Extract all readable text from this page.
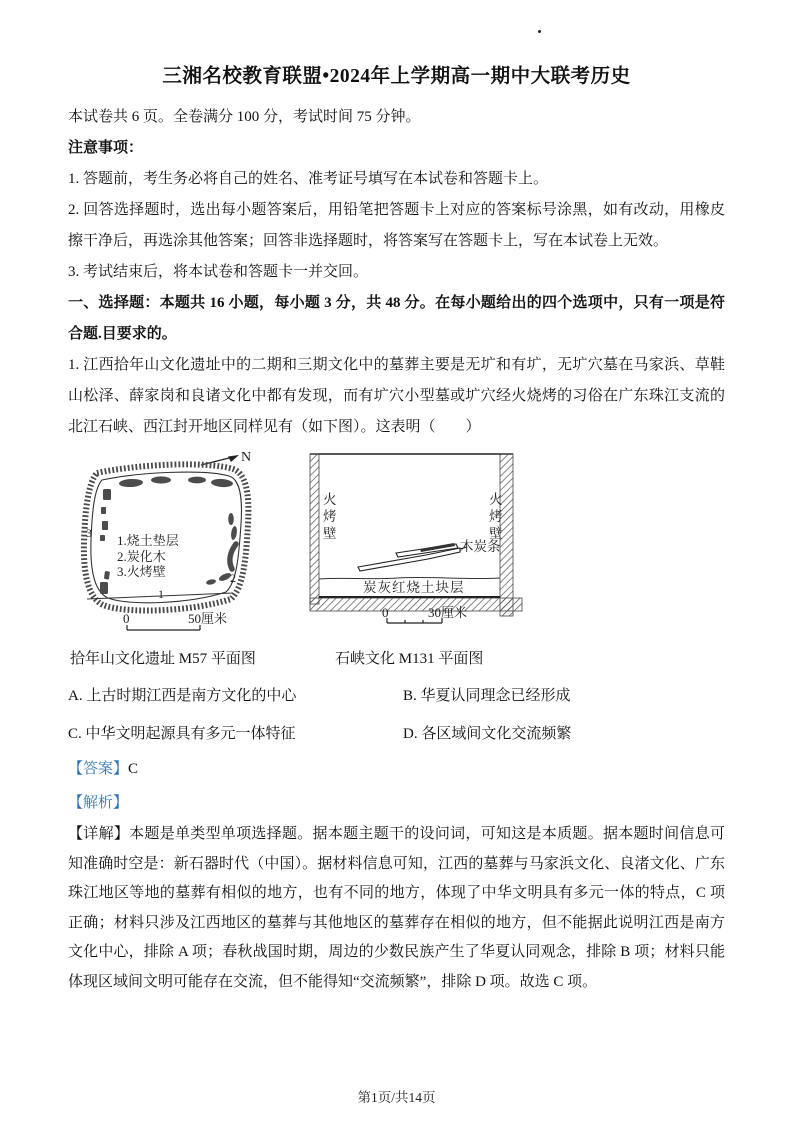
三湘名校教育联盟•2024年上学期高一期中大联考历史
本试卷共 6 页。全卷满分 100 分，考试时间 75 分钟。
注意事项：
1. 答题前，考生务必将自己的姓名、准考证号填写在本试卷和答题卡上。
2. 回答选择题时，选出每小题答案后，用铅笔把答题卡上对应的答案标号涂黑，如有改动，用橡皮擦干净后，再选涂其他答案；回答非选择题时，将答案写在答题卡上，写在本试卷上无效。
3. 考试结束后，将本试卷和答题卡一并交回。
一、选择题：本题共 16 小题，每小题 3 分，共 48 分。在每小题给出的四个选项中，只有一项是符合题.目要求的。
1. 江西拾年山文化遗址中的二期和三期文化中的墓葬主要是无圹和有圹，无圹穴墓在马家浜、草鞋山松泽、薛家岗和良诸文化中都有发现，而有圹穴小型墓或圹穴经火烧烤的习俗在广东珠江支流的北江石峡、西江封开地区同样见有（如下图）。这表明（　　）
N
1.烧土垫层
2.炭化木
3.火烤壁
3
2
1
0	50厘米
火烤壁
火烤壁
木炭条
炭灰红烧土块层
0	30厘米
拾年山文化遗址 M57 平面图	石峡文化 M131 平面图
A. 上古时期江西是南方文化的中心	B. 华夏认同理念已经形成
C. 中华文明起源具有多元一体特征	D. 各区域间文化交流频繁
【答案】C
【解析】
【详解】本题是单类型单项选择题。据本题主题干的设问词，可知这是本质题。据本题时间信息可知准确时空是：新石器时代（中国）。据材料信息可知，江西的墓葬与马家浜文化、良渚文化、广东珠江地区等地的墓葬有相似的地方，也有不同的地方，体现了中华文明具有多元一体的特点，C 项正确；材料只涉及江西地区的墓葬与其他地区的墓葬存在相似的地方，但不能据此说明江西是南方文化中心，排除 A 项；春秋战国时期，周边的少数民族产生了华夏认同观念，排除 B 项；材料只能体现区域间文明可能存在交流，但不能得知“交流频繁”，排除 D 项。故选 C 项。
第1页/共14页
